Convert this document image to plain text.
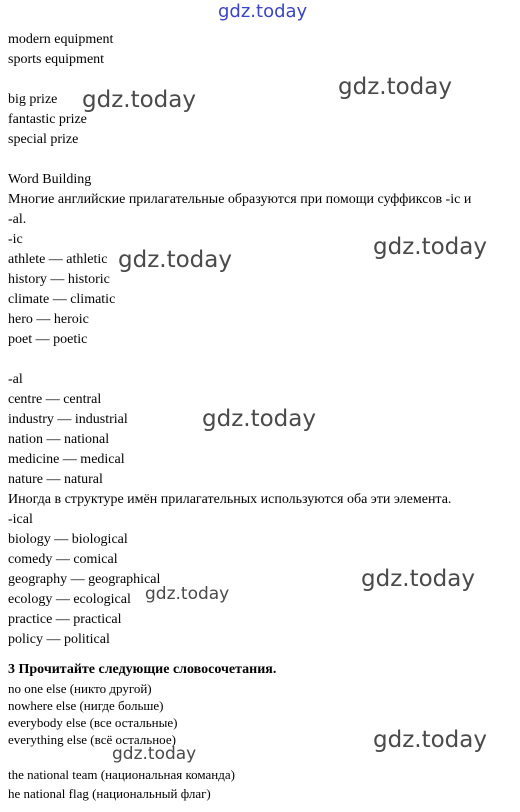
gdz.today
gdz.today
gdz.today
gdz.today
gdz.today
gdz.today
gdz.today
gdz.today
gdz.today
gdz.today
modern equipment
sports equipment
big prize
fantastic prize
special prize
Word Building
Многие английские прилагательные образуются при помощи суффиксов -ic и
-al.
-ic
athlete — athletic
history — historic
climate — climatic
hero — heroic
poet — poetic
-al
centre — central
industry — industrial
nation — national
medicine — medical
nature — natural
Иногда в структуре имён прилагательных используются оба эти элемента.
-ical
biology — biological
comedy — comical
geography — geographical
ecology — ecological
practice — practical
policy — political
3 Прочитайте следующие словосочетания.
no one else (никто другой)
nowhere else (нигде больше)
everybody else (все остальные)
everything else (всё остальное)
the national team (национальная команда)
he national flag (национальный флаг)
